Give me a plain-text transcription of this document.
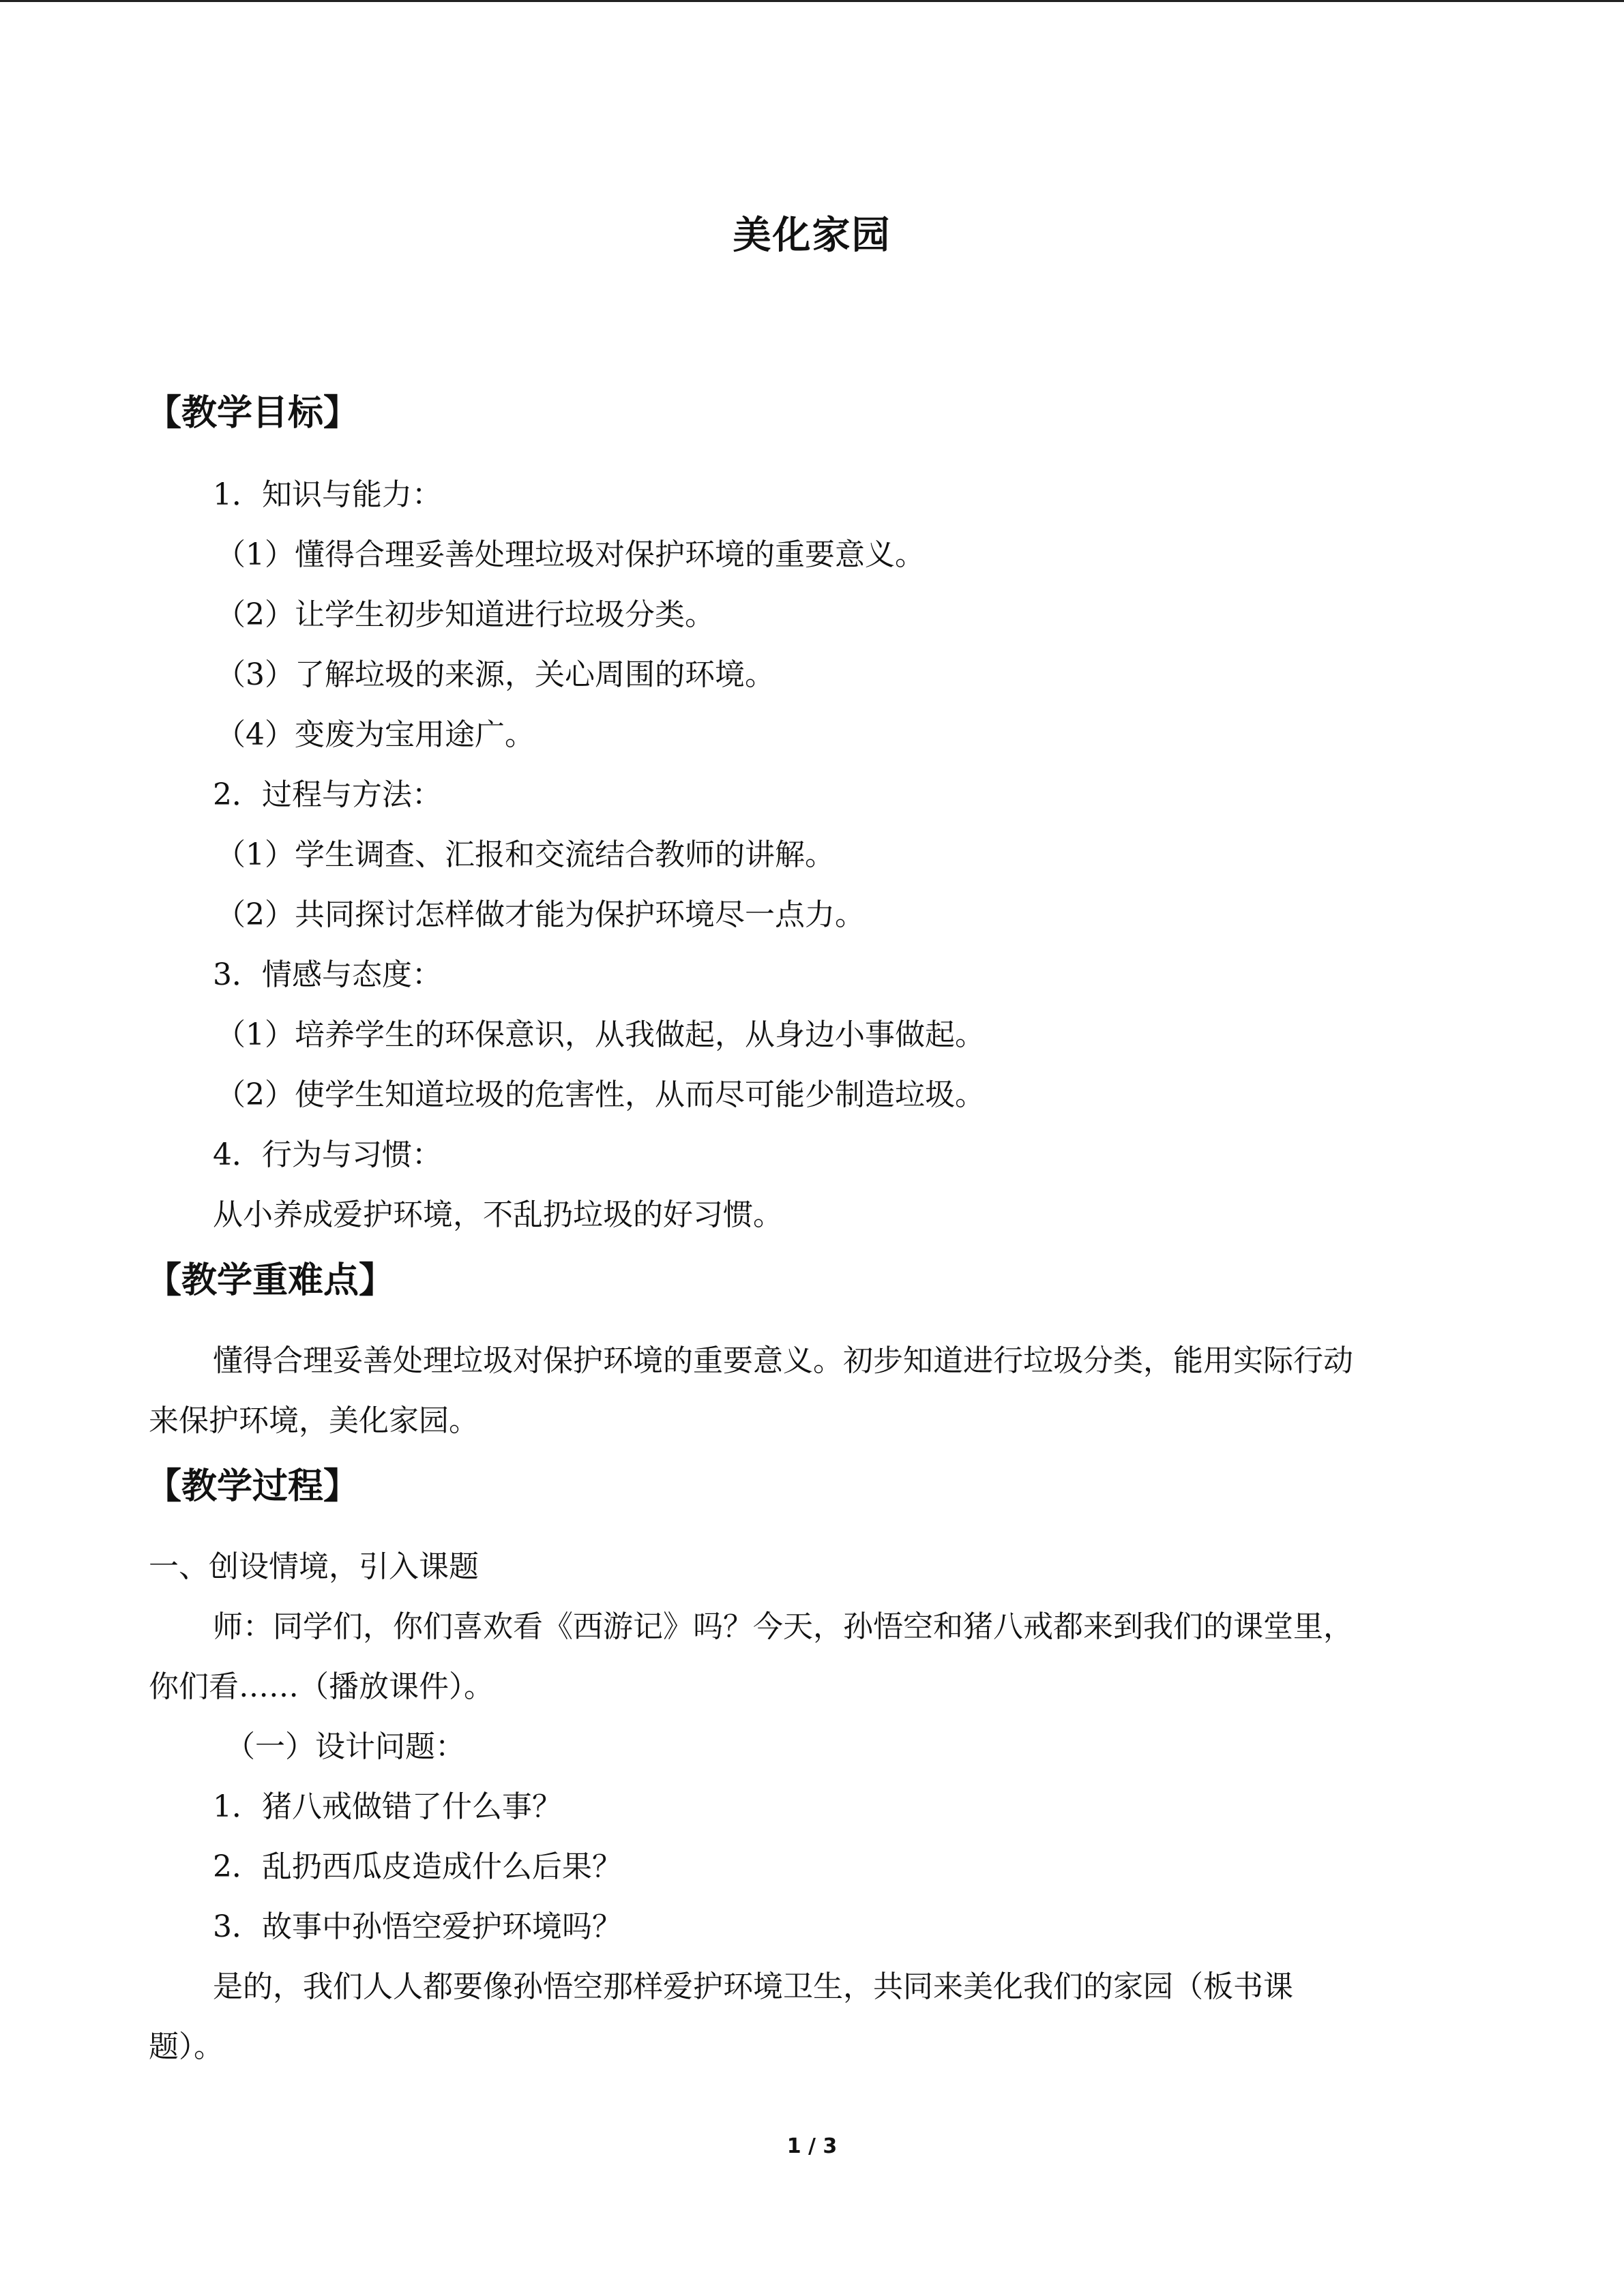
美化家园
【教学目标】
1．知识与能力：
（1）懂得合理妥善处理垃圾对保护环境的重要意义。
（2）让学生初步知道进行垃圾分类。
（3）了解垃圾的来源，关心周围的环境。
（4）变废为宝用途广。
2．过程与方法：
（1）学生调查、汇报和交流结合教师的讲解。
（2）共同探讨怎样做才能为保护环境尽一点力。
3．情感与态度：
（1）培养学生的环保意识，从我做起，从身边小事做起。
（2）使学生知道垃圾的危害性，从而尽可能少制造垃圾。
4．行为与习惯：
从小养成爱护环境，不乱扔垃圾的好习惯。
【教学重难点】
懂得合理妥善处理垃圾对保护环境的重要意义。初步知道进行垃圾分类，能用实际行动
来保护环境，美化家园。
【教学过程】
一、创设情境，引入课题
师：同学们，你们喜欢看《西游记》吗？今天，孙悟空和猪八戒都来到我们的课堂里，
你们看……（播放课件）。
（一）设计问题：
1．猪八戒做错了什么事？
2．乱扔西瓜皮造成什么后果？
3．故事中孙悟空爱护环境吗？
是的，我们人人都要像孙悟空那样爱护环境卫生，共同来美化我们的家园（板书课
题）。
1 / 3
